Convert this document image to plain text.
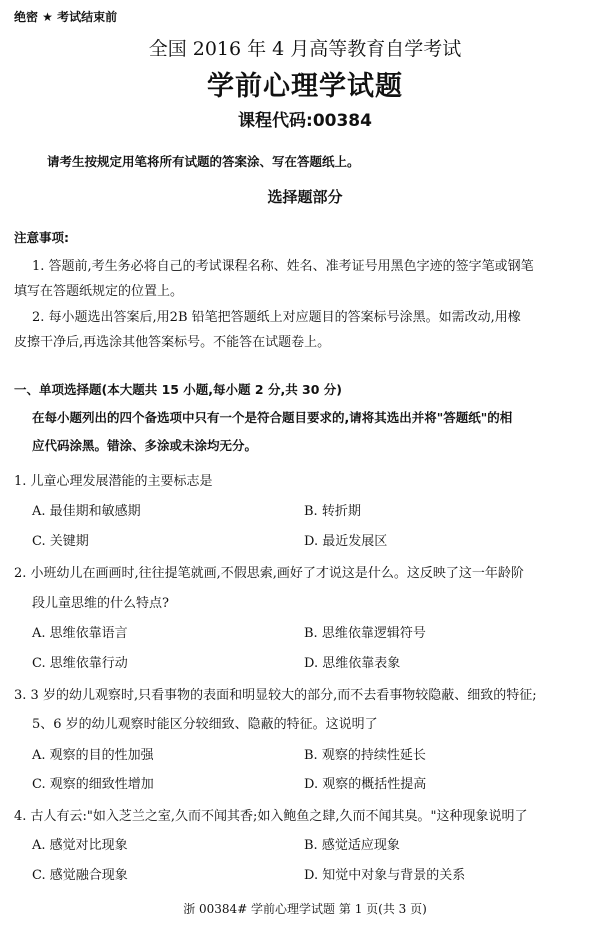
绝密 ★ 考试结束前
全国 2016 年 4 月高等教育自学考试
学前心理学试题
课程代码:00384
请考生按规定用笔将所有试题的答案涂、写在答题纸上。
选择题部分
注意事项:
1. 答题前,考生务必将自己的考试课程名称、姓名、准考证号用黑色字迹的签字笔或钢笔
填写在答题纸规定的位置上。
2. 每小题选出答案后,用2B 铅笔把答题纸上对应题目的答案标号涂黑。如需改动,用橡
皮擦干净后,再选涂其他答案标号。不能答在试题卷上。
一、单项选择题(本大题共 15 小题,每小题 2 分,共 30 分)
在每小题列出的四个备选项中只有一个是符合题目要求的,请将其选出并将"答题纸"的相
应代码涂黑。错涂、多涂或未涂均无分。
1. 儿童心理发展潜能的主要标志是
A. 最佳期和敏感期	B. 转折期
C. 关键期	D. 最近发展区
2. 小班幼儿在画画时,往往提笔就画,不假思索,画好了才说这是什么。这反映了这一年龄阶
段儿童思维的什么特点?
A. 思维依靠语言	B. 思维依靠逻辑符号
C. 思维依靠行动	D. 思维依靠表象
3. 3 岁的幼儿观察时,只看事物的表面和明显较大的部分,而不去看事物较隐蔽、细致的特征;
5、6 岁的幼儿观察时能区分较细致、隐蔽的特征。这说明了
A. 观察的目的性加强	B. 观察的持续性延长
C. 观察的细致性增加	D. 观察的概括性提高
4. 古人有云:"如入芝兰之室,久而不闻其香;如入鲍鱼之肆,久而不闻其臭。"这种现象说明了
A. 感觉对比现象	B. 感觉适应现象
C. 感觉融合现象	D. 知觉中对象与背景的关系
浙 00384# 学前心理学试题 第 1 页(共 3 页)
